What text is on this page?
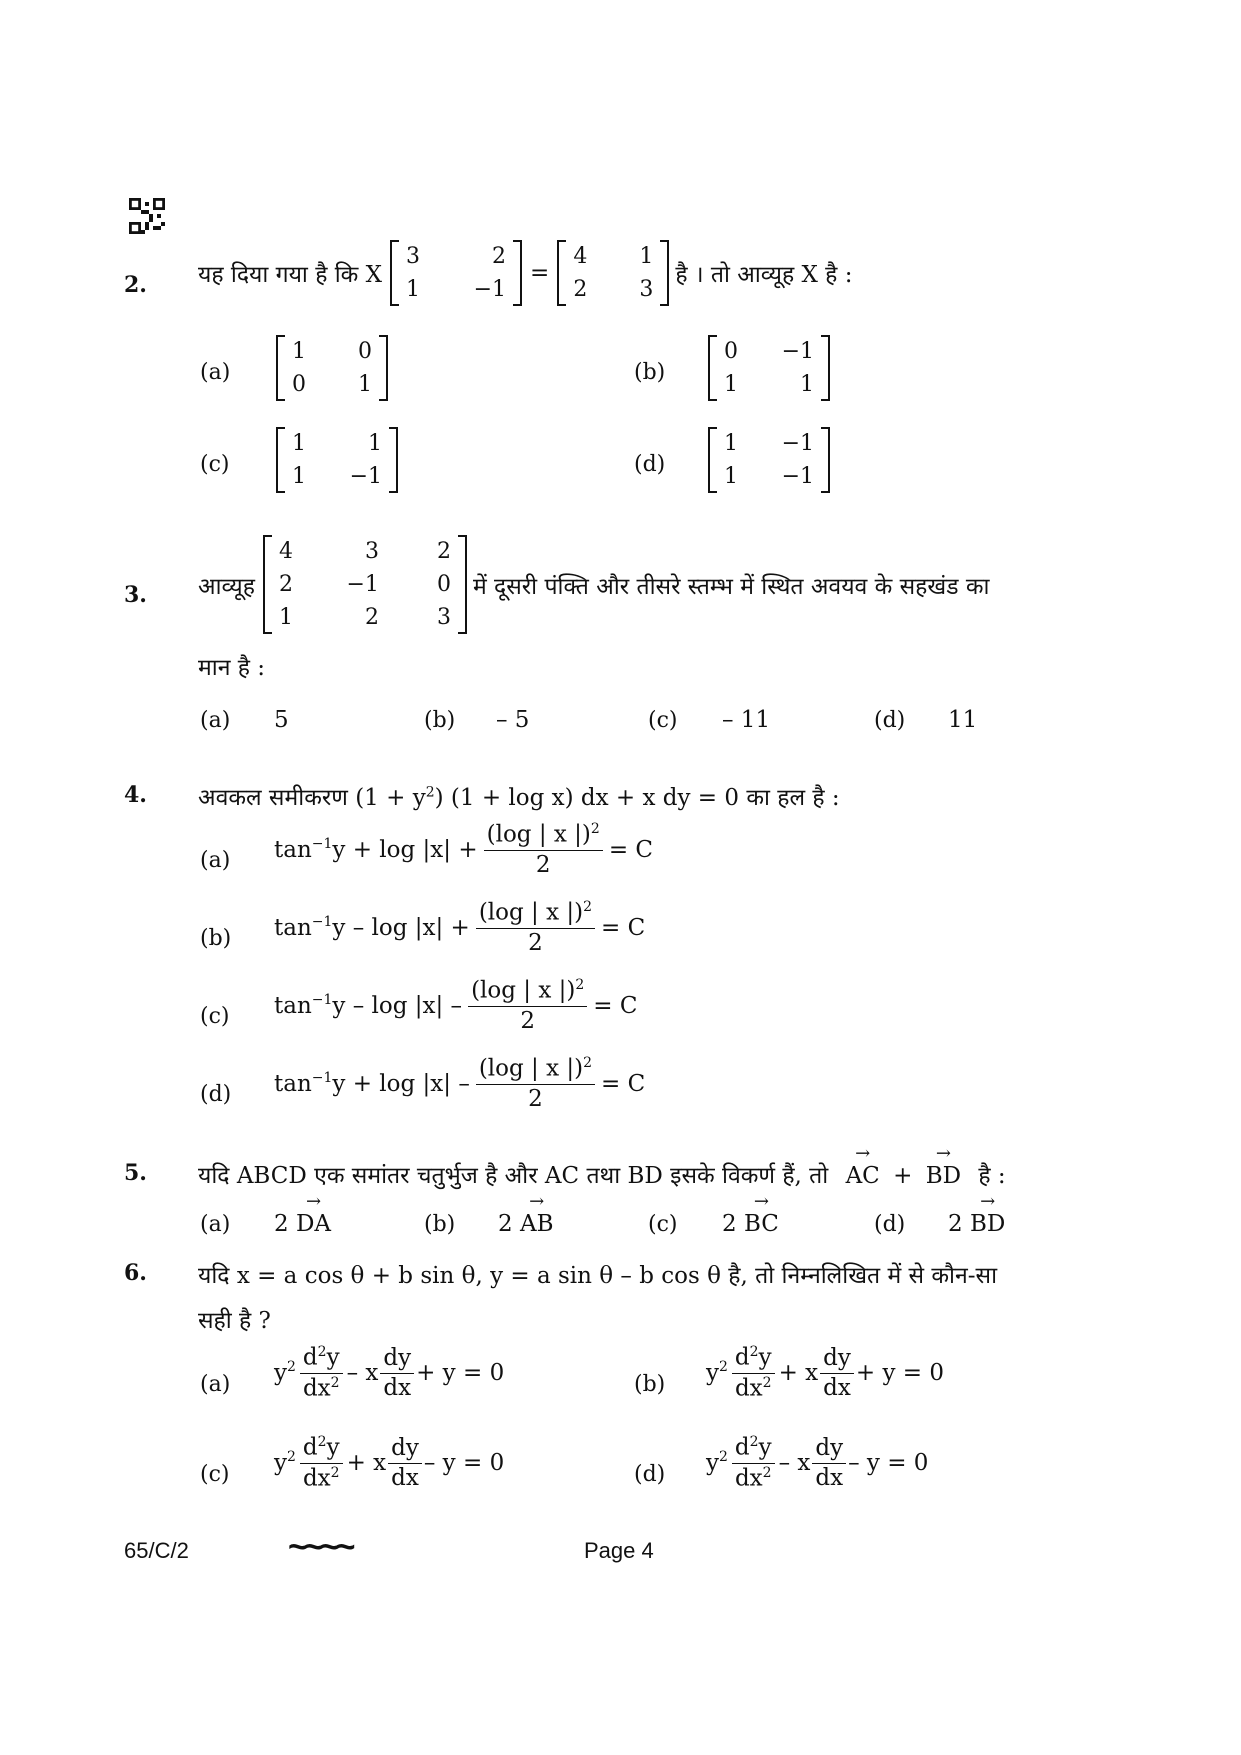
2. यह दिया गया है कि X
3	2
1	−1
=
4	1
2	3
है । तो आव्यूह X है :
(a)
1	0
0	1	(b)
0	−1
1	1
(c)
1	1
1	−1	(d)
1	−1
1	−1
3. आव्यूह
4	3	2
2	−1	0
1	2	3
में दूसरी पंक्ति और तीसरे स्तम्भ में स्थित अवयव के सहखंड का
मान है :
(a) 5	(b) – 5	(c) – 11	(d) 11
4. अवकल समीकरण $(1 + y^2)$ (1 + log x) dx + x dy = 0 का हल है :
(a) $\tan^{-1} y + \log |x| + \frac{(\log | x |)^2}{2} = C$
(b) $\tan^{-1} y - \log |x| + \frac{(\log | x |)^2}{2} = C$
(c) $\tan^{-1} y - \log |x| - \frac{(\log | x |)^2}{2} = C$
(d) $\tan^{-1} y + \log |x| - \frac{(\log | x |)^2}{2} = C$
5. यदि ABCD एक समांतर चतुर्भुज है और AC तथा BD इसके विकर्ण हैं, तो → AC + → BD है :
(a) 2 → DA	(b) 2 → AB	(c) 2 → BC	(d) 2 → BD
6. यदि x = a cos θ + b sin θ, y = a sin θ – b cos θ है, तो निम्नलिखित में से कौन-सा
सही है ?
(a) $y^2 \frac{d^2y}{dx^2}$ –
x $\frac{dy}{dx} + y = 0$	(b) $y^2 \frac{d^2y}{dx^2}$ +
x $\frac{dy}{dx} + y = 0$
(c) $y^2 \frac{d^2y}{dx^2}$ +
x $\frac{dy}{dx} - y = 0$	(d) $y^2 \frac{d^2y}{dx^2}$ –
x $\frac{dy}{dx} - y = 0$
65/C/2	~~~~	Page 4
